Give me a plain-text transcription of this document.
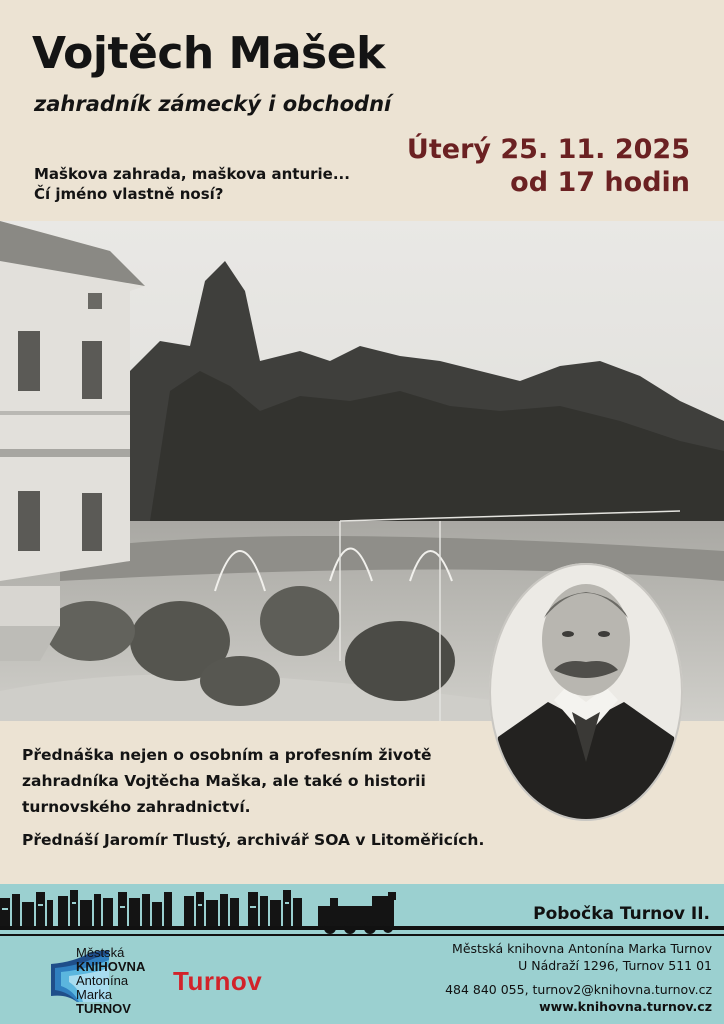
Vojtěch Mašek
zahradník zámecký i obchodní
Úterý 25. 11. 2025
od 17 hodin
Maškova zahrada, maškova anturie...
Čí jméno vlastně nosí?

Přednáška nejen o osobním a profesním životě zahradníka Vojtěcha Maška, ale také o historii turnovského zahradnictví.

Přednáší Jaromír Tlustý, archivář SOA v Litoměřicích.

Pobočka Turnov II.
Městská knihovna Antonína Marka Turnov
U Nádraží 1296, Turnov 511 01
484 840 055, turnov2@knihovna.turnov.cz
www.knihovna.turnov.cz
Městská
KNIHOVNA
Antonína
Marka
TURNOV
Turnov
